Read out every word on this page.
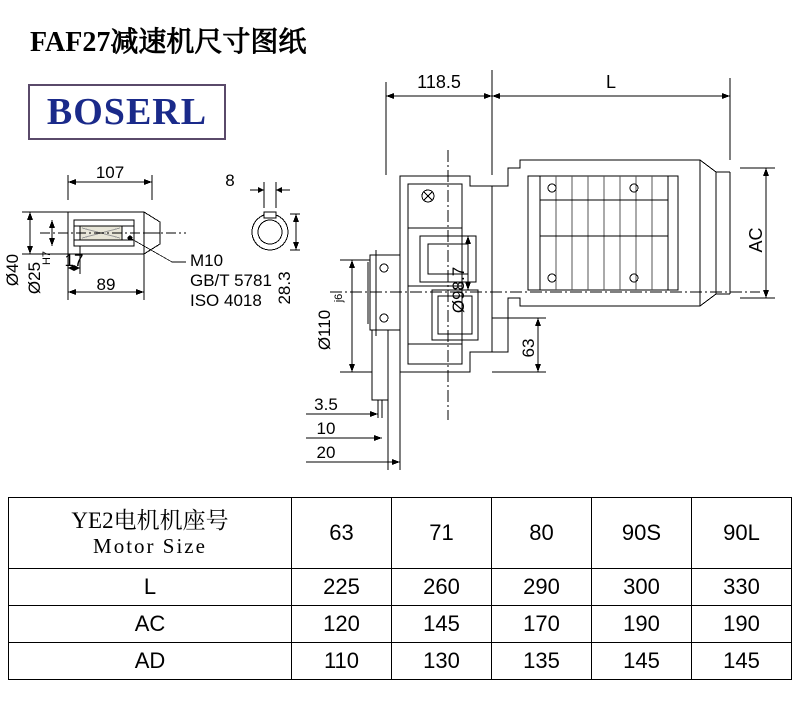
FAF27减速机尺寸图纸
BOSERL
107	8
17
89
Ø40 Ø25
H7	M10
GB/T 5781
ISO 4018 28.3
118.5	L
AC
Ø98.7
Ø110
j6
63
3.5
10
20
YE2电机机座号
Motor Size	63	71	80	90S	90L
L	225	260	290	300	330
AC	120	145	170	190	190
AD	110	130	135	145	145
